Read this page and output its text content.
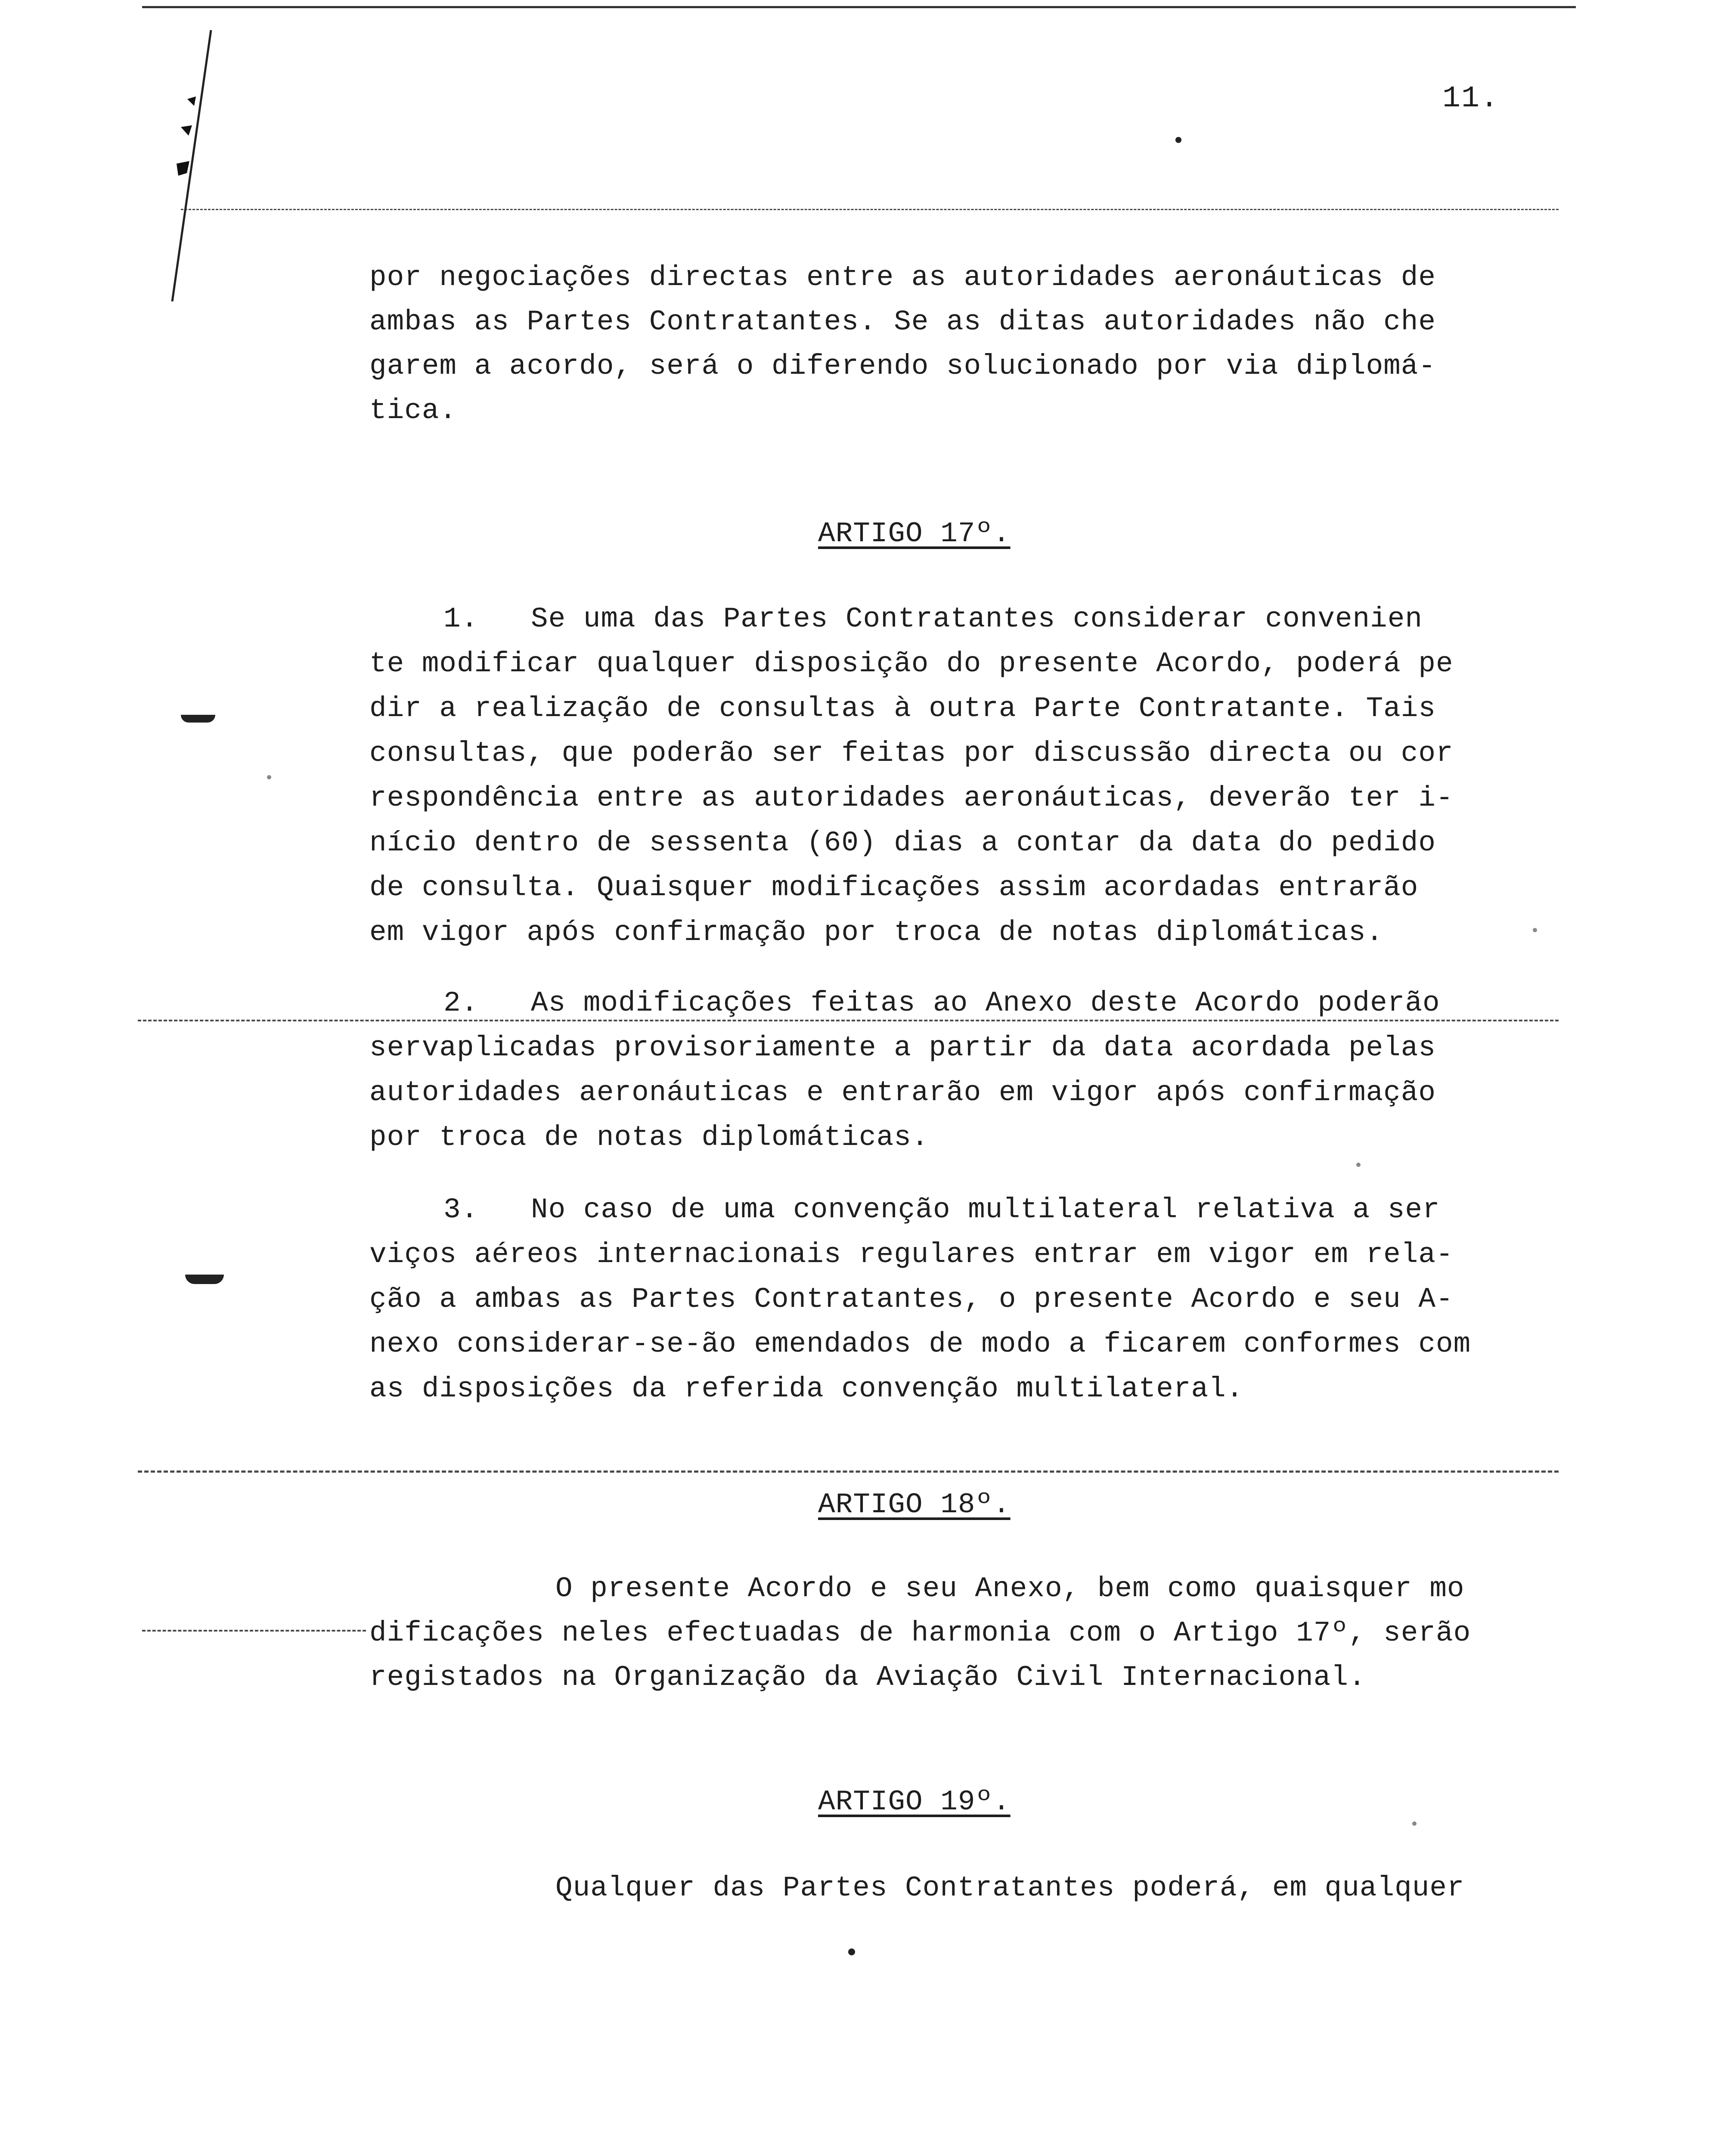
11.
por negociações directas entre as autoridades aeronáuticas de
ambas as Partes Contratantes. Se as ditas autoridades não che
garem a acordo, será o diferendo solucionado por via diplomá-
tica.
ARTIGO 17º.
1.   Se uma das Partes Contratantes considerar convenien
te modificar qualquer disposição do presente Acordo, poderá pe
dir a realização de consultas à outra Parte Contratante. Tais
consultas, que poderão ser feitas por discussão directa ou cor
respondência entre as autoridades aeronáuticas, deverão ter i-
nício dentro de sessenta (60) dias a contar da data do pedido
de consulta. Quaisquer modificações assim acordadas entrarão
em vigor após confirmação por troca de notas diplomáticas.
2.   As modificações feitas ao Anexo deste Acordo poderão
servaplicadas provisoriamente a partir da data acordada pelas
autoridades aeronáuticas e entrarão em vigor após confirmação
por troca de notas diplomáticas.
3.   No caso de uma convenção multilateral relativa a ser
viços aéreos internacionais regulares entrar em vigor em rela-
ção a ambas as Partes Contratantes, o presente Acordo e seu A-
nexo considerar-se-ão emendados de modo a ficarem conformes com
as disposições da referida convenção multilateral.
ARTIGO 18º.
O presente Acordo e seu Anexo, bem como quaisquer mo
dificações neles efectuadas de harmonia com o Artigo 17º, serão
registados na Organização da Aviação Civil Internacional.
ARTIGO 19º.
Qualquer das Partes Contratantes poderá, em qualquer
